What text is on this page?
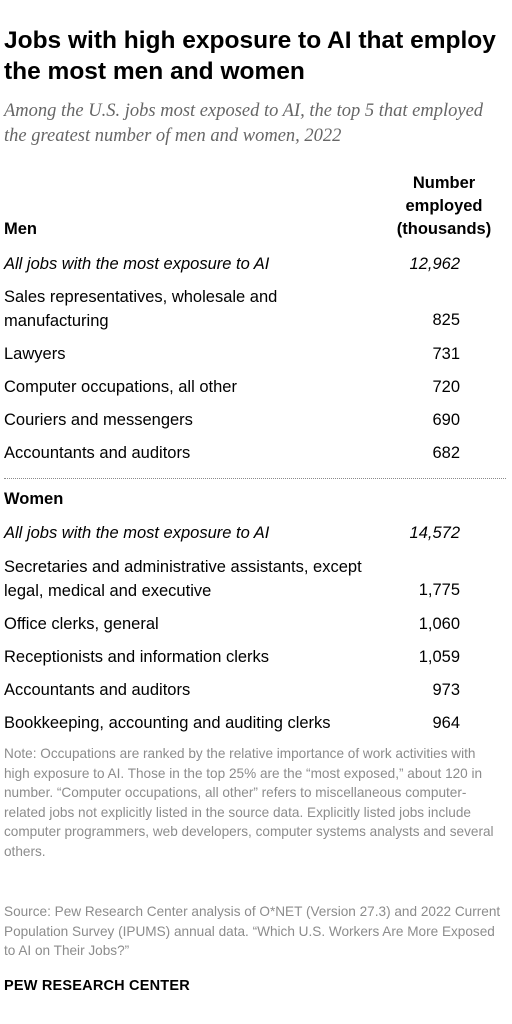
Jobs with high exposure to AI that employ the most men and women

Among the U.S. jobs most exposed to AI, the top 5 that employed the greatest number of men and women, 2022

Number employed (thousands)
Men
All jobs with the most exposure to AI	12,962
Sales representatives, wholesale and manufacturing	825
Lawyers	731
Computer occupations, all other	720
Couriers and messengers	690
Accountants and auditors	682
Women
All jobs with the most exposure to AI	14,572
Secretaries and administrative assistants, except legal, medical and executive	1,775
Office clerks, general	1,060
Receptionists and information clerks	1,059
Accountants and auditors	973
Bookkeeping, accounting and auditing clerks	964

Note: Occupations are ranked by the relative importance of work activities with high exposure to AI. Those in the top 25% are the “most exposed,” about 120 in number. “Computer occupations, all other” refers to miscellaneous computer-related jobs not explicitly listed in the source data. Explicitly listed jobs include computer programmers, web developers, computer systems analysts and several others.

Source: Pew Research Center analysis of O*NET (Version 27.3) and 2022 Current Population Survey (IPUMS) annual data. “Which U.S. Workers Are More Exposed to AI on Their Jobs?”

PEW RESEARCH CENTER
